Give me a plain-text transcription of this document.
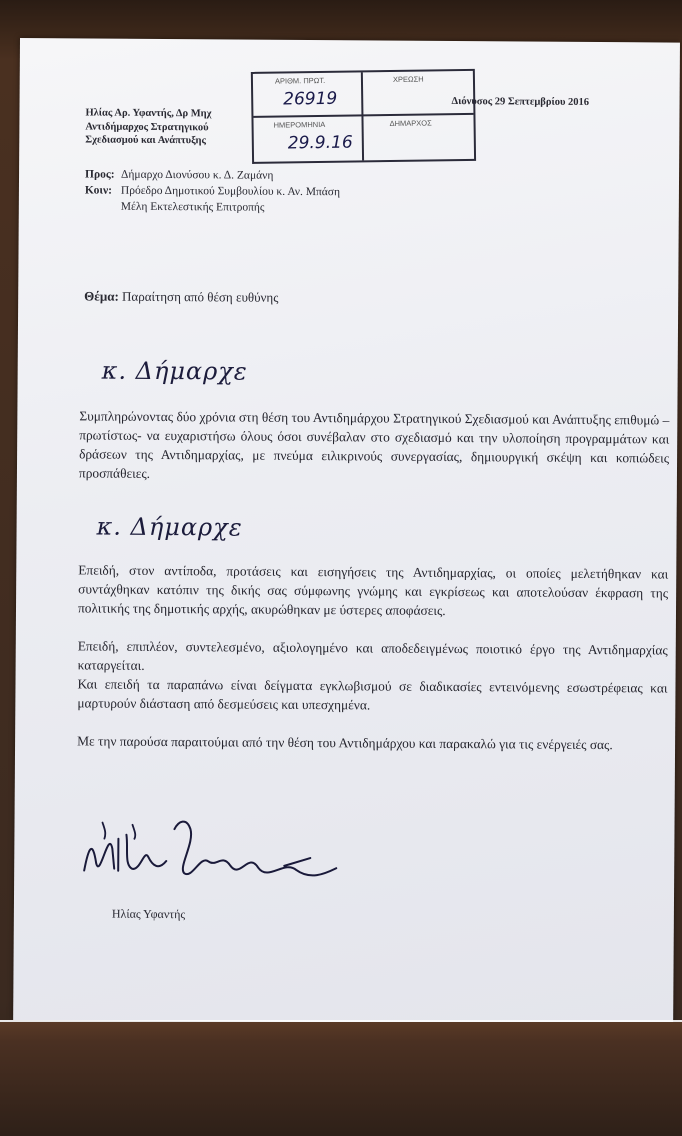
Ηλίας Αρ. Υφαντής, Δρ Μηχ
Αντιδήμαρχος Στρατηγικού
Σχεδιασμού και Ανάπτυξης
Διόνυσος 29 Σεπτεμβρίου 2016
ΑΡΙΘΜ. ΠΡΩΤ.
26919
ΧΡΕΩΣΗ
ΗΜΕΡΟΜΗΝΙΑ
29.9.16
ΔΗΜΑΡΧΟΣ
Προς: Δήμαρχο Διονύσου κ. Δ. Ζαμάνη
Κοιν: Πρόεδρο Δημοτικού Συμβουλίου κ. Αν. Μπάση
Μέλη Εκτελεστικής Επιτροπής
Θέμα: Παραίτηση από θέση ευθύνης
κ. Δήμαρχε
Συμπληρώνοντας δύο χρόνια στη θέση του Αντιδημάρχου Στρατηγικού Σχεδιασμού και Ανάπτυξης επιθυμώ –πρωτίστως- να ευχαριστήσω όλους όσοι συνέβαλαν στο σχεδιασμό και την υλοποίηση προγραμμάτων και δράσεων της Αντιδημαρχίας, με πνεύμα ειλικρινούς συνεργασίας, δημιουργική σκέψη και κοπιώδεις προσπάθειες.
κ. Δήμαρχε
Επειδή, στον αντίποδα, προτάσεις και εισηγήσεις της Αντιδημαρχίας, οι οποίες μελετήθηκαν και συντάχθηκαν κατόπιν της δικής σας σύμφωνης γνώμης και εγκρίσεως και αποτελούσαν έκφραση της πολιτικής της δημοτικής αρχής, ακυρώθηκαν με ύστερες αποφάσεις.
Επειδή, επιπλέον, συντελεσμένο, αξιολογημένο και αποδεδειγμένως ποιοτικό έργο της Αντιδημαρχίας καταργείται.
Και επειδή τα παραπάνω είναι δείγματα εγκλωβισμού σε διαδικασίες εντεινόμενης εσωστρέφειας και μαρτυρούν διάσταση από δεσμεύσεις και υπεσχημένα.
Με την παρούσα παραιτούμαι από την θέση του Αντιδημάρχου και παρακαλώ για τις ενέργειές σας.
Ηλίας Υφαντής
